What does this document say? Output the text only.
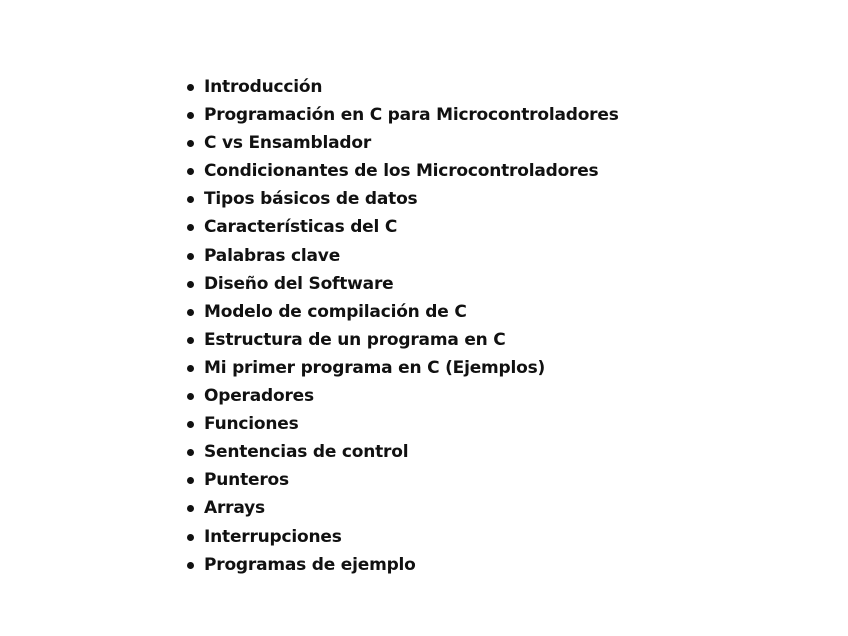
Introducción
Programación en C para Microcontroladores
C vs Ensamblador
Condicionantes de los Microcontroladores
Tipos básicos de datos
Características del C
Palabras clave
Diseño del Software
Modelo de compilación de C
Estructura de un programa en C
Mi primer programa en C (Ejemplos)
Operadores
Funciones
Sentencias de control
Punteros
Arrays
Interrupciones
Programas de ejemplo
